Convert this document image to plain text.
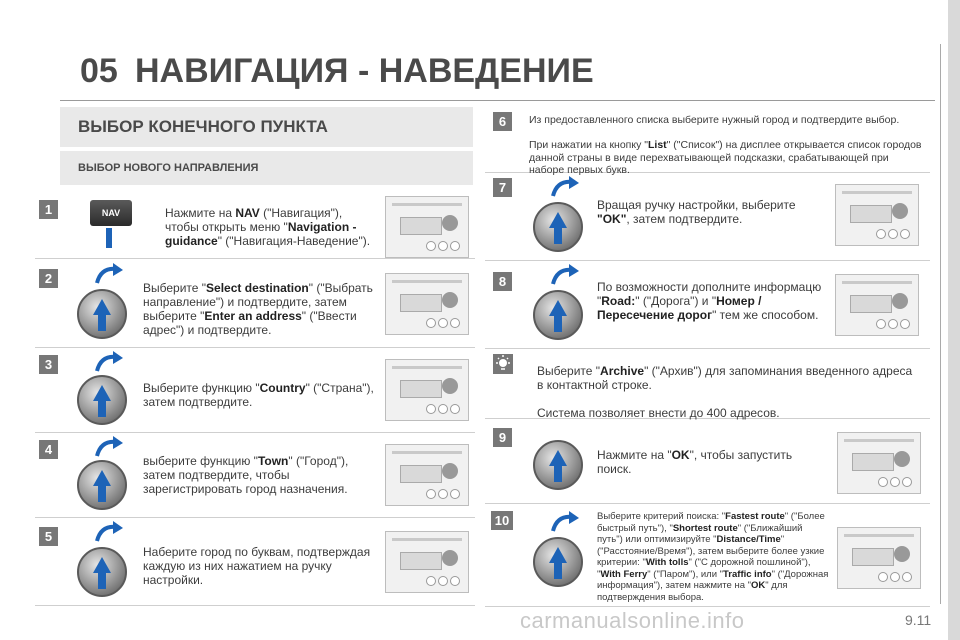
05 НАВИГАЦИЯ - НАВЕДЕНИЕ
ВЫБОР КОНЕЧНОГО ПУНКТА
ВЫБОР НОВОГО НАПРАВЛЕНИЯ
1	NAV	Нажмите на NAV ("Навигация"), чтобы открыть меню "Navigation - guidance" ("Навигация-Наведение").
2
Выберите "Select destination" ("Выбрать направление") и подтвердите, затем выберите "Enter an address" ("Ввести адрес") и подтвердите.
3
Выберите функцию "Country" ("Страна"), затем подтвердите.
4
выберите функцию "Town" ("Город"), затем подтвердите, чтобы зарегистрировать город назначения.
5
Наберите город по буквам, подтверждая каждую из них нажатием на ручку настройки.
6	Из предоставленного списка выберите нужный город и подтвердите выбор.

При нажатии на кнопку "List" ("Список") на дисплее открывается список городов данной страны в виде перехватывающей подсказки, срабатывающей при наборе первых букв.
7
Вращая ручку настройки, выберите "OK", затем подтвердите.
8	По возможности дополните информацю "Road:" ("Дорога") и "Номер /Пересечение дорог" тем же способом.
Выберите "Archive" ("Архив") для запоминания введенного адреса в контактной строке.

Система позволяет внести до 400 адресов.
9
Нажмите на "OK", чтобы запустить поиск.
10	Выберите критерий поиска: "Fastest route" ("Более быстрый путь"), "Shortest route" ("Ближайший путь") или оптимизируйте "Distance/Time" ("Расстояние/Время"), затем выберите более узкие критерии: "With tolls" ("С дорожной пошлиной"), "With Ferry" ("Паром"), или "Traffic info" ("Дорожная информация"), затем нажмите на "OK" для подтверждения выбора.
carmanualsonline.info	9.11
